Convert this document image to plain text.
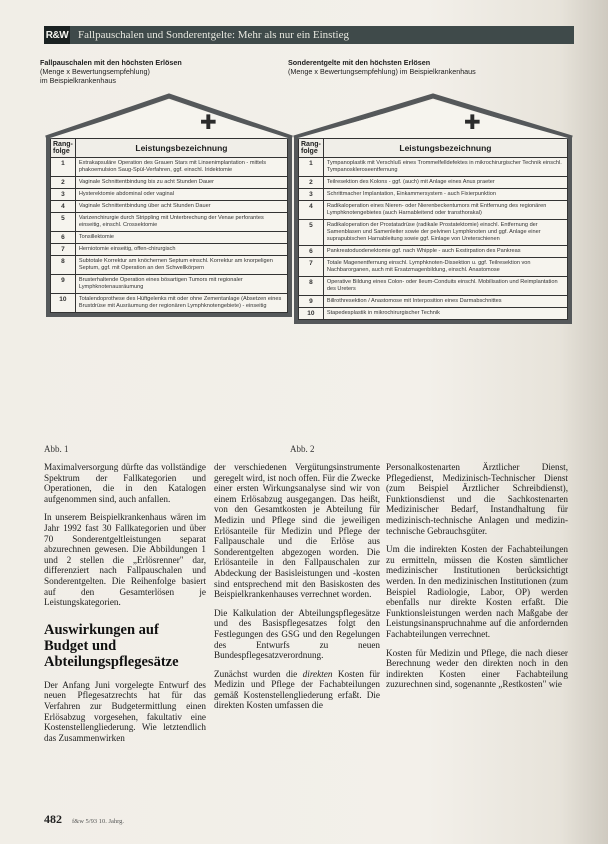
R&W Fallpauschalen und Sonderentgelte: Mehr als nur ein Einstieg
Fallpauschalen mit den höchsten Erlösen
(Menge x Bewertungsempfehlung)
im Beispielkrankenhaus
✚
Rang-folge	Leistungsbezeichnung
1	Extrakapsuläre Operation des Grauen Stars mit Linsenimplantation - mittels phakoemulsion Saug-Spül-Verfahren, ggf. einschl. Iridektomie
2	Vaginale Schnittentbindung bis zu acht Stunden Dauer
3	Hysterektomie abdominal oder vaginal
4	Vaginale Schnittentbindung über acht Stunden Dauer
5	Varizenchirurgie durch Strippling mit Unterbrechung der Venae perforantes einseitig, einschl. Crossektomie
6	Tonsillektomie
7	Herniotomie einseitig, offen-chirurgisch
8	Subtotale Korrektur am knöchernen Septum einschl. Korrektur am knorpeligen Septum, ggf. mit Operation an den Schwellkörpern
9	Brusterhaltende Operation eines bösartigen Tumors mit regionaler Lymphknotenausräumung
10	Totalendoprothese des Hüftgelenks mit oder ohne Zementanlage (Absetzen eines Brustdrüse mit Ausräumung der regionären Lymphknotengebiete) - einseitig
Abb. 1
Sonderentgelte mit den höchsten Erlösen
(Menge x Bewertungsempfehlung) im Beispielkrankenhaus
✚
Rang-folge	Leistungsbezeichnung
1	Tympanoplastik mit Verschluß eines Trommelfelldefektes in mikrochirurgischer Technik einschl. Tympanoskleroseentfernung
2	Teilresektion des Kolons - ggf. (auch) mit Anlage eines Anus praeter
3	Schrittmacher Implantation, Einkammersystem - auch Fixierpunktion
4	Radikaloperation eines Nieren- oder Nierenbeckentumors mit Entfernung des regionären Lymphknotengebietes (auch Harnableitend oder transthorakal)
5	Radikaloperation der Prostatadrüse (radikale Prostatektomie) einschl. Entfernung der Samenblasen und Samenleiter sowie der pelvinen Lymphknoten und ggf. Anlage einer suprapubischen Harnableitung sowie ggf. Einlage von Ureterschienen
6	Pankreatoduodenektomie ggf. nach Whipple - auch Exstirpation des Pankreas
7	Totale Magenentfernung einschl. Lymphknoten-Dissektion u. ggf. Teilresektion von Nachbarorganen, auch mit Ersatzmagenbildung, einschl. Anastomose
8	Operative Bildung eines Colon- oder Ileum-Conduits einschl. Mobilisation und Reimplantation des Ureters
9	Billrothresektion / Anastomose mit Interposition eines Darmabschnittes
10	Stapedesplastik in mikrochirurgischer Technik
Abb. 2

Maximalversorgung dürfte das vollständige Spektrum der Fallkategorien und Operationen, die in den Katalogen aufgenommen sind, auch anfallen.

In unserem Beispielkrankenhaus wären im Jahr 1992 fast 30 Fallkategorien und über 70 Sonderentgeltleistungen separat abzurechnen gewesen. Die Abbildungen 1 und 2 stellen die „Erlösrenner" dar, differenziert nach Fallpauschalen und Sonderentgelten. Die Reihenfolge basiert auf den Gesamterlösen je Leistungskategorien.

Auswirkungen auf Budget und Abteilungspflegesätze

Der Anfang Juni vorgelegte Entwurf des neuen Pflegesatzrechts hat für das Verfahren zur Budgetermittlung einen Erlösabzug vorgesehen, fakultativ eine Kostenstellengliederung. Wie letztendlich das Zusammenwirken

der verschiedenen Vergütungsinstrumente geregelt wird, ist noch offen. Für die Zwecke einer ersten Wirkungsanalyse sind wir von einem Erlösabzug ausgegangen. Das heißt, von den Gesamtkosten je Abteilung für Medizin und Pflege sind die jeweiligen Erlösanteile für Medizin und Pflege der Fallpauschale und die Erlöse aus Sonderentgelten abgezogen worden. Die Erlösanteile in den Fallpauschalen zur Abdeckung der Basisleistungen und -kosten sind entsprechend mit den Basiskosten des Beispielkrankenhauses verrechnet worden.

Die Kalkulation der Abteilungspflegesätze und des Basispflegesatzes folgt den Festlegungen des GSG und den Regelungen des Entwurfs zu neuen Bundespflegesatzverordnung.

Zunächst wurden die direkten Kosten für Medizin und Pflege der Fachabteilungen gemäß Kostenstellengliederung erfaßt. Die direkten Kosten umfassen die

Personalkostenarten Ärztlicher Dienst, Pflegedienst, Medizinisch-Technischer Dienst (zum Beispiel Ärztlicher Schreibdienst), Funktionsdienst und die Sachkostenarten Medizinischer Bedarf, Instandhaltung für medizinisch-technische Anlagen und medizin-technische Gebrauchsgüter.

Um die indirekten Kosten der Fachabteilungen zu ermitteln, müssen die Kosten sämtlicher medizinischer Institutionen berücksichtigt werden. In den medizinischen Institutionen (zum Beispiel Radiologie, Labor, OP) werden ebenfalls nur direkte Kosten erfaßt. Die Funktionsleistungen werden nach Maßgabe der Leistungsinanspruchnahme auf die anfordernden Fachabteilungen verrechnet.

Kosten für Medizin und Pflege, die nach dieser Berechnung weder den direkten noch in den indirekten Kosten einer Fachabteilung zuzurechnen sind, sogenannte „Restkosten" wie

482 f&w 5/93 10. Jahrg.
